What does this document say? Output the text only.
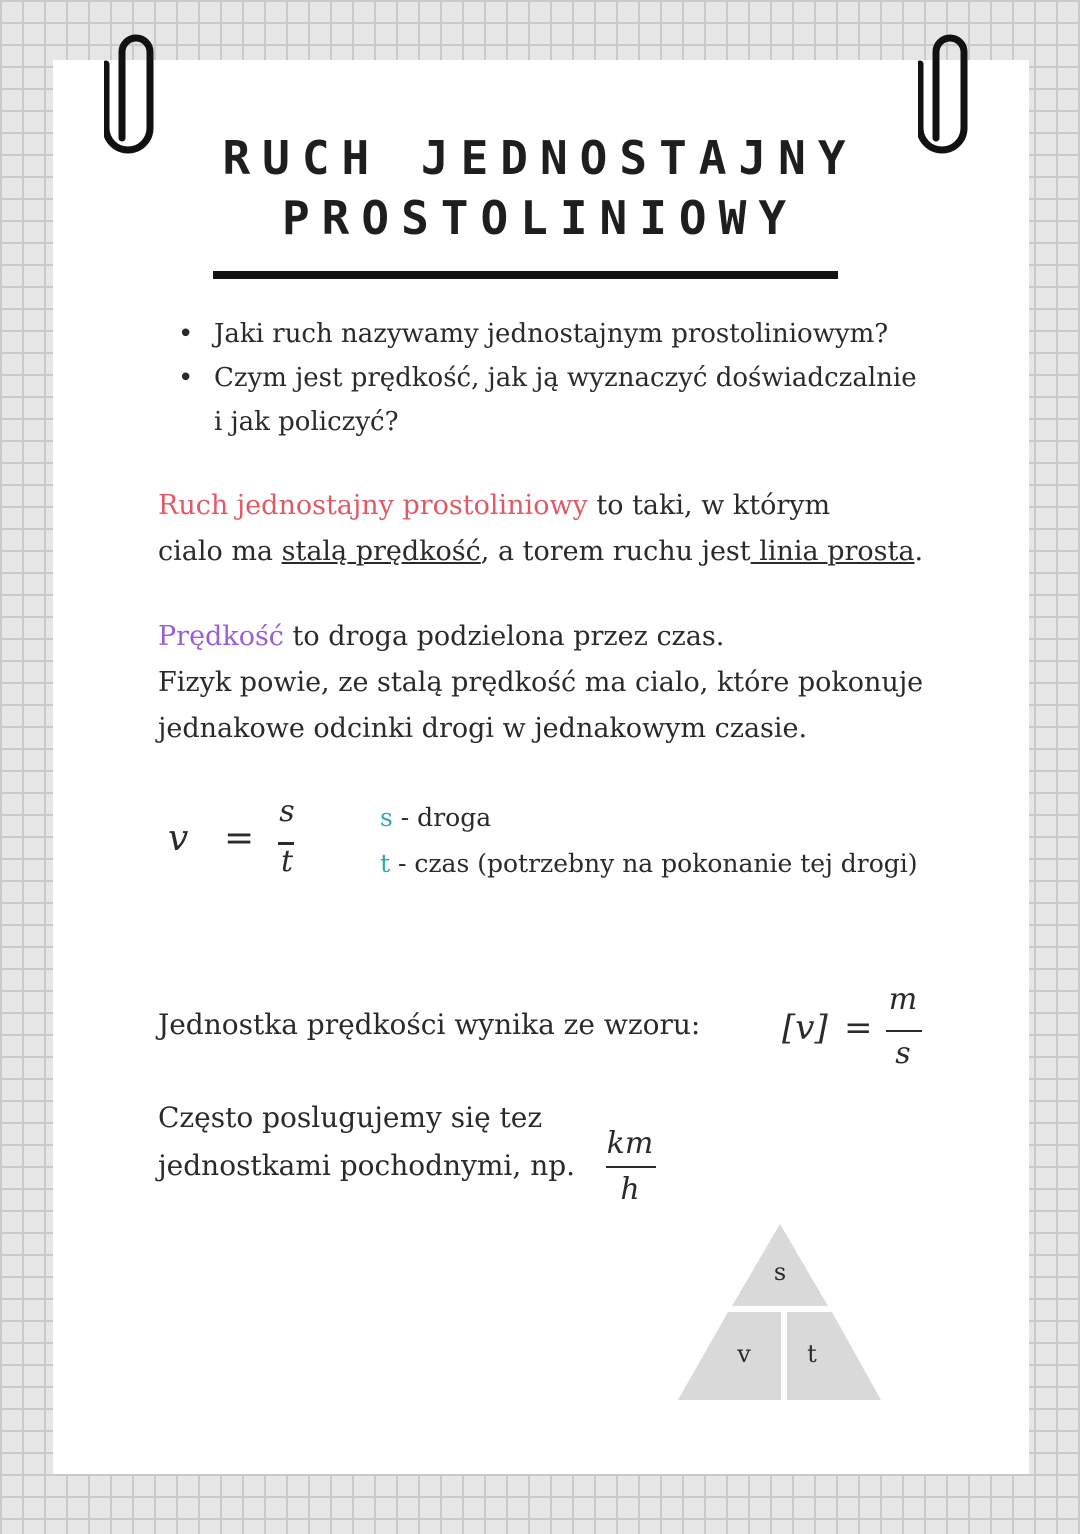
RUCH JEDNOSTAJNY
PROSTOLINIOWY
• Jaki ruch nazywamy jednostajnym prostoliniowym?
• Czym jest prędkość, jak ją wyznaczyć doświadczalnie
i jak policzyć?
Ruch jednostajny prostoliniowy to taki, w którym
cialo ma stalą prędkość, a torem ruchu jest linia prosta.
Prędkość to droga podzielona przez czas.
Fizyk powie, ze stalą prędkość ma cialo, które pokonuje
jednakowe odcinki drogi w jednakowym czasie.
v =
s
t
s - droga
t - czas (potrzebny na pokonanie tej drogi)
Jednostka prędkości wynika ze wzoru: [v] =
m
s
Często poslugujemy się tez
jednostkami pochodnymi, np.
km
h
s
v t
